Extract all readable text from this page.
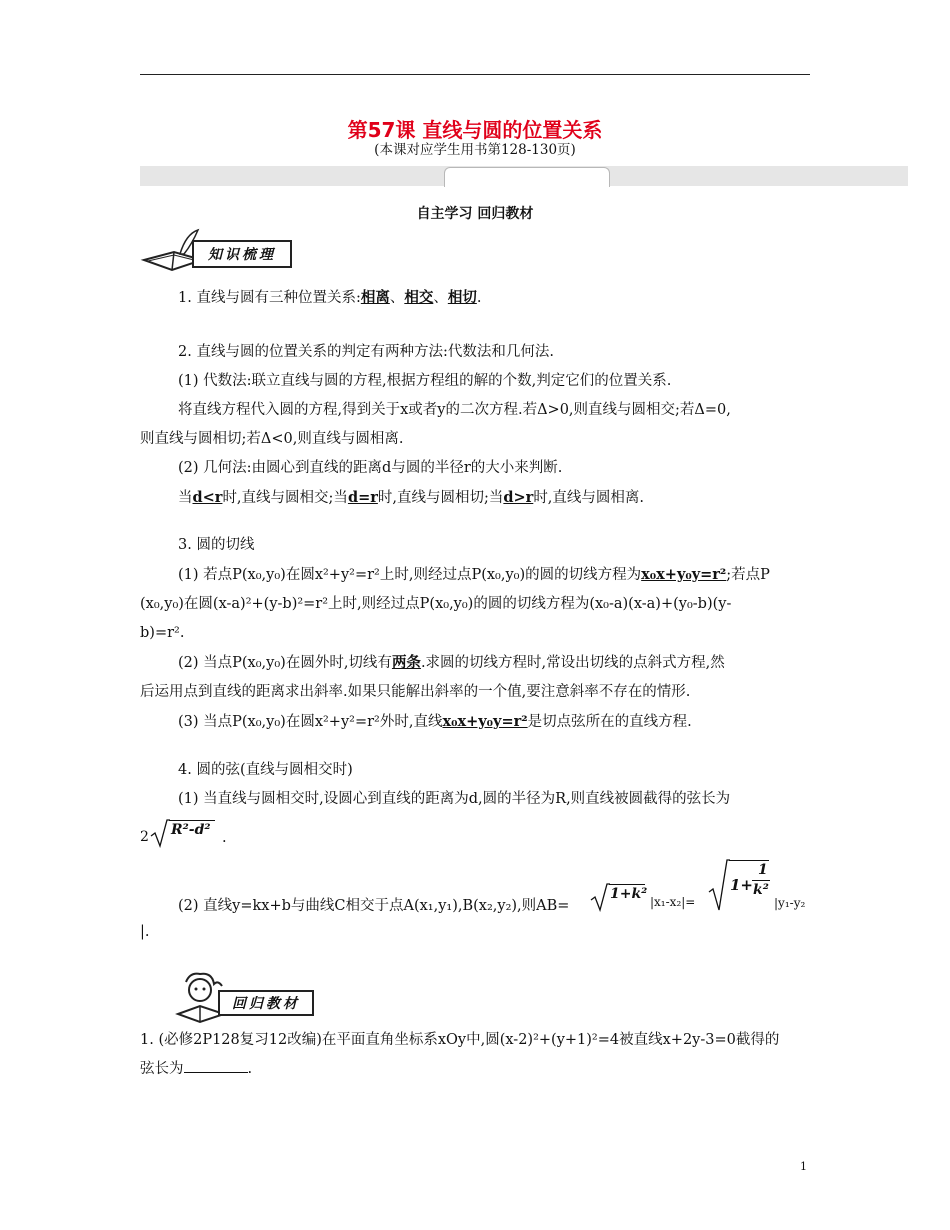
第57课 直线与圆的位置关系
(本课对应学生用书第128-130页)
自主学习 回归教材
知识梳理
1. 直线与圆有三种位置关系:相离、相交、相切.
2. 直线与圆的位置关系的判定有两种方法:代数法和几何法.
(1) 代数法:联立直线与圆的方程,根据方程组的解的个数,判定它们的位置关系.
将直线方程代入圆的方程,得到关于x或者y的二次方程.若Δ>0,则直线与圆相交;若Δ=0,
则直线与圆相切;若Δ<0,则直线与圆相离.
(2) 几何法:由圆心到直线的距离d与圆的半径r的大小来判断.
当d<r时,直线与圆相交;当d=r时,直线与圆相切;当d>r时,直线与圆相离.
3. 圆的切线
(1) 若点P(x₀,y₀)在圆x²+y²=r²上时,则经过点P(x₀,y₀)的圆的切线方程为x₀x+y₀y=r²;若点P
(x₀,y₀)在圆(x-a)²+(y-b)²=r²上时,则经过点P(x₀,y₀)的圆的切线方程为(x₀-a)(x-a)+(y₀-b)(y-
b)=r².
(2) 当点P(x₀,y₀)在圆外时,切线有两条.求圆的切线方程时,常设出切线的点斜式方程,然
后运用点到直线的距离求出斜率.如果只能解出斜率的一个值,要注意斜率不存在的情形.
(3) 当点P(x₀,y₀)在圆x²+y²=r²外时,直线x₀x+y₀y=r²是切点弦所在的直线方程.
4. 圆的弦(直线与圆相交时)
(1) 当直线与圆相交时,设圆心到直线的距离为d,圆的半径为R,则直线被圆截得的弦长为
2 R²-d² .
(2) 直线y=kx+b与曲线C相交于点A(x₁,y₁),B(x₂,y₂),则AB=
1+k² |x₁-x₂|=
1+
1
k²
|y₁-y₂
|.
回归教材
1. (必修2P128复习12改编)在平面直角坐标系xOy中,圆(x-2)²+(y+1)²=4被直线x+2y-3=0截得的
弦长为	.
1
